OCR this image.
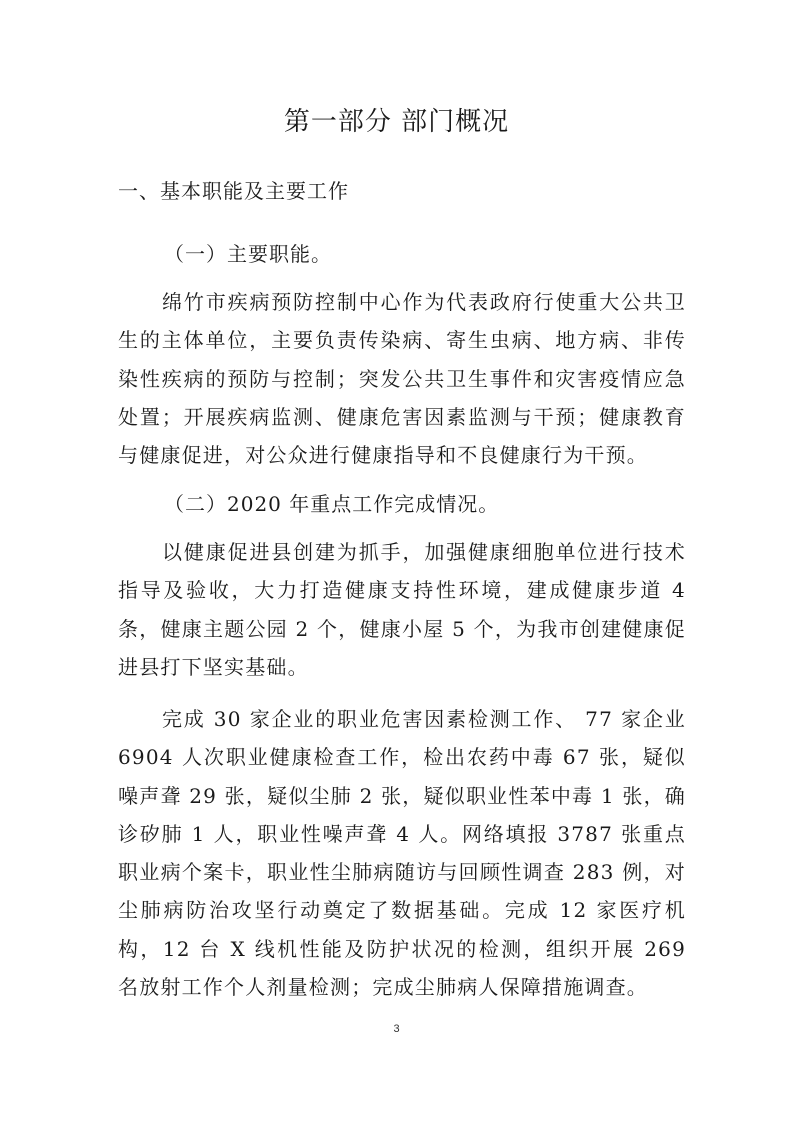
第一部分 部门概况
一、基本职能及主要工作
（一）主要职能。

绵竹市疾病预防控制中心作为代表政府行使重大公共卫生的主体单位，主要负责传染病、寄生虫病、地方病、非传染性疾病的预防与控制；突发公共卫生事件和灾害疫情应急处置；开展疾病监测、健康危害因素监测与干预；健康教育与健康促进，对公众进行健康指导和不良健康行为干预。

（二）2020 年重点工作完成情况。

以健康促进县创建为抓手，加强健康细胞单位进行技术指导及验收，大力打造健康支持性环境，建成健康步道 4 条，健康主题公园 2 个，健康小屋 5 个，为我市创建健康促进县打下坚实基础。

完成 30 家企业的职业危害因素检测工作、 77 家企业 6904 人次职业健康检查工作，检出农药中毒 67 张，疑似噪声聋 29 张，疑似尘肺 2 张，疑似职业性苯中毒 1 张，确诊矽肺 1 人，职业性噪声聋 4 人。网络填报 3787 张重点职业病个案卡，职业性尘肺病随访与回顾性调查 283 例，对尘肺病防治攻坚行动奠定了数据基础。完成 12 家医疗机构，12 台 X 线机性能及防护状况的检测，组织开展 269 名放射工作个人剂量检测；完成尘肺病人保障措施调查。

3
